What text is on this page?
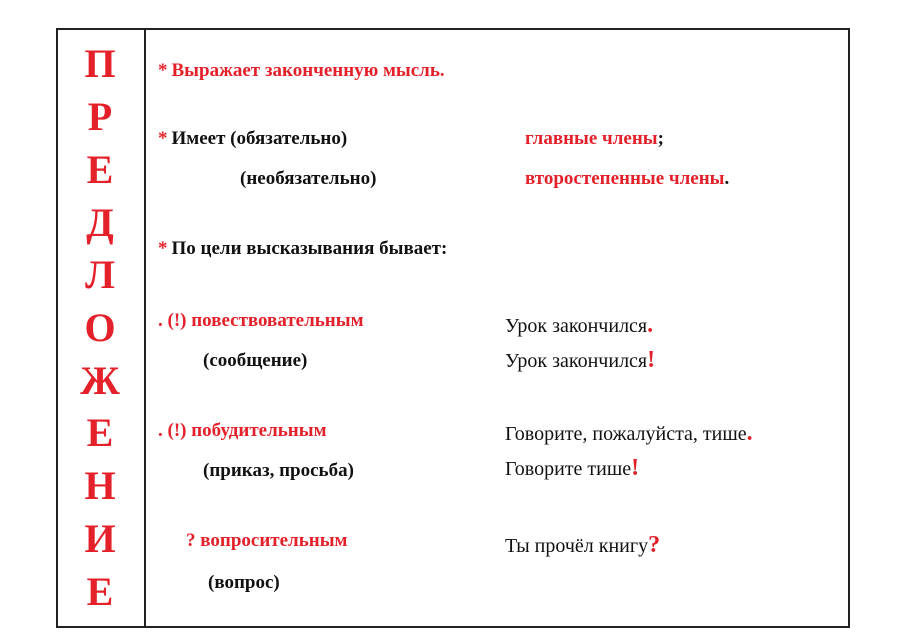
П
Р
Е
Д
Л
О
Ж
Е
Н
И
Е
* Выражает законченную мысль.
* Имеет (обязательно)	главные члены;
(необязательно)	второстепенные члены.
* По цели высказывания бывает:
. (!) повествовательным
(сообщение)
Урок закончился.
Урок закончился!
. (!) побудительным
(приказ, просьба)
Говорите, пожалуйста, тише.
Говорите тише!
? вопросительным
(вопрос)
Ты прочёл книгу?
